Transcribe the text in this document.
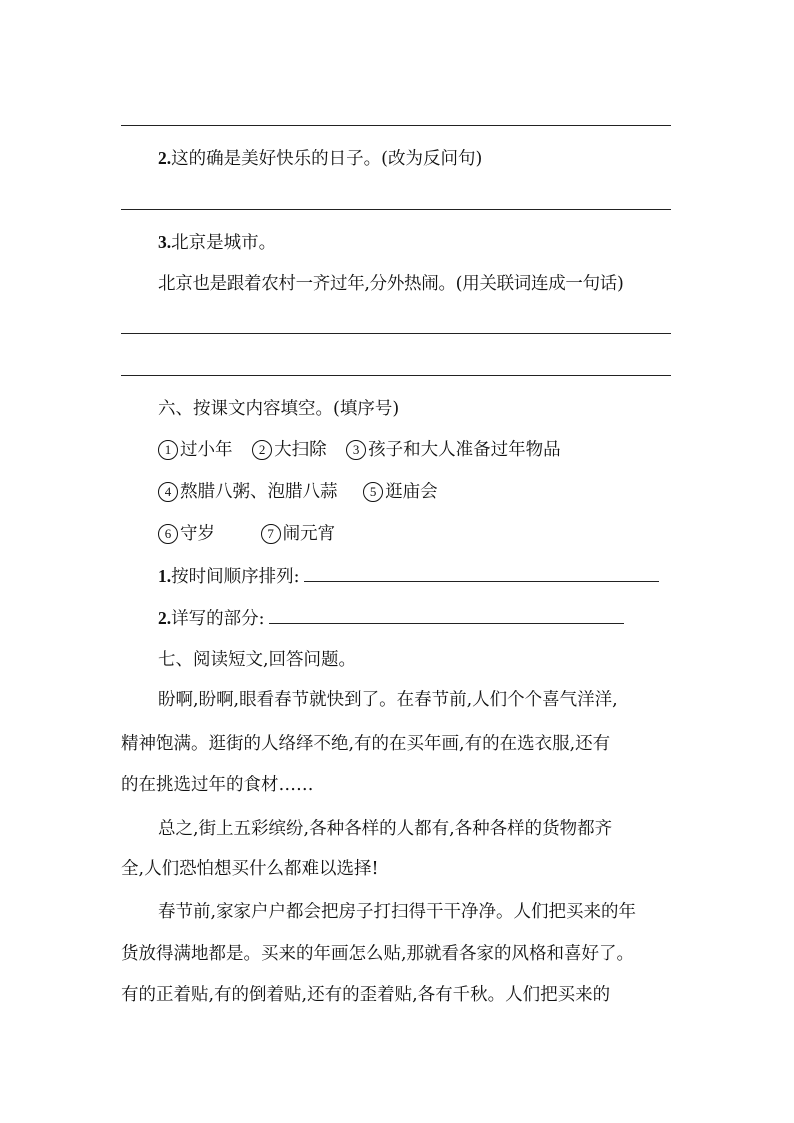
2.这的确是美好快乐的日子。(改为反问句)
3.北京是城市。
北京也是跟着农村一齐过年,分外热闹。(用关联词连成一句话)
六、按课文内容填空。(填序号)
1 过小年 2 大扫除 3 孩子和大人准备过年物品
4 熬腊八粥、泡腊八蒜 5 逛庙会
6 守岁	7 闹元宵
1.按时间顺序排列:
2.详写的部分:
七、阅读短文,回答问题。
盼啊,盼啊,眼看春节就快到了。在春节前,人们个个喜气洋洋,
精神饱满。逛街的人络绎不绝,有的在买年画,有的在选衣服,还有
的在挑选过年的食材……
总之,街上五彩缤纷,各种各样的人都有,各种各样的货物都齐
全,人们恐怕想买什么都难以选择!
春节前,家家户户都会把房子打扫得干干净净。人们把买来的年
货放得满地都是。买来的年画怎么贴,那就看各家的风格和喜好了。
有的正着贴,有的倒着贴,还有的歪着贴,各有千秋。人们把买来的
